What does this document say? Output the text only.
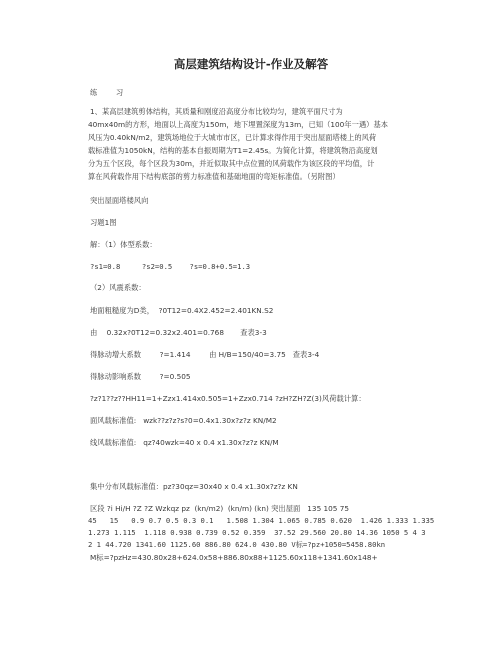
高层建筑结构设计-作业及解答
练        习
1、某高层建筑剪体结构，其质量和刚度沿高度分布比较均匀，建筑平面尺寸为
40mx40m的方形，地面以上高度为150m，地下埋置深度为13m，已知（100年一遇）基本
风压为0.40kN/m2，建筑场地位于大城市市区，已计算求得作用于突出屋面塔楼上的风荷
载标准值为1050kN，结构的基本自振周期为T1=2.45s。为简化计算，将建筑物沿高度划
分为五个区段，每个区段为30m，并近似取其中点位置的风荷载作为该区段的平均值，计
算在风荷载作用下结构底部的剪力标准值和基础地面的弯矩标准值。（另附图）
突出屋面塔楼风向
习题1图
解：（1）体型系数：
?s1=0.8     ?s2=0.5    ?s=0.8+0.5=1.3
（2）风震系数：
地面粗糙度为D类，  ?0T12=0.4X2.452=2.401KN.S2
由    0.32x?0T12=0.32x2.401=0.768       查表3-3
得脉动增大系数        ?=1.414        由 H/B=150/40=3.75   查表3-4
得脉动影响系数        ?=0.505
?z?1??z??HH11=1+Zzx1.414x0.505=1+Zzx0.714 ?zH?ZH?Z(3)风荷载计算：
面风载标准值:   wzk??z?z?s?0=0.4x1.30x?z?z KN/M2
线风载标准值:   qz?40wzk=40 x 0.4 x1.30x?z?z KN/M
集中分布风载标准值：pz?30qz=30x40 x 0.4 x1.30x?z?z KN
区段 ?i Hi/H ?Z ?Z Wzkqz pz  (kn/m2)  (kn/m) (kn) 突出屋面   135 105 75
45   15   0.9 0.7 0.5 0.3 0.1   1.508 1.304 1.065 0.785 0.620  1.426 1.333 1.335
1.273 1.115  1.118 0.938 0.739 0.52 0.359  37.52 29.560 20.80 14.36 1050 5 4 3
2 1 44.720 1341.60 1125.60 886.80 624.0 430.80 V标=?pz+1050=5458.80kn
M标=?pzHz=430.80x28+624.0x58+886.80x88+1125.60x118+1341.60x148+
